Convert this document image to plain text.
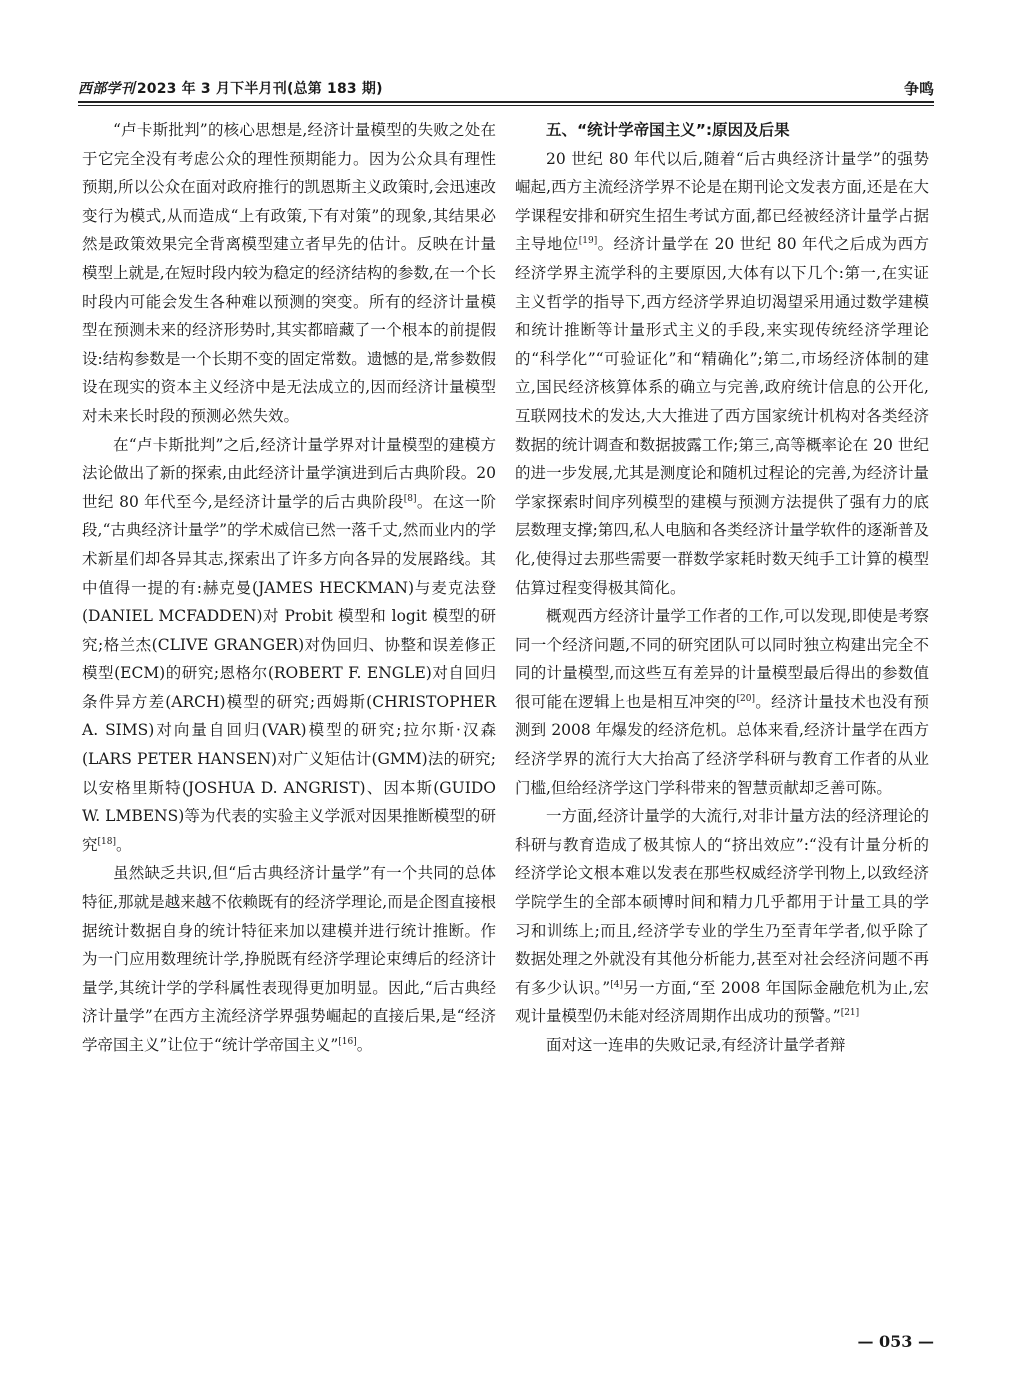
西部学刊 2023 年 3 月下半月刊(总第 183 期)	争鸣

“卢卡斯批判”的核心思想是,经济计量模型的失败之处在于它完全没有考虑公众的理性预期能力。因为公众具有理性预期,所以公众在面对政府推行的凯恩斯主义政策时,会迅速改变行为模式,从而造成“上有政策,下有对策”的现象,其结果必然是政策效果完全背离模型建立者早先的估计。反映在计量模型上就是,在短时段内较为稳定的经济结构的参数,在一个长时段内可能会发生各种难以预测的突变。所有的经济计量模型在预测未来的经济形势时,其实都暗藏了一个根本的前提假设:结构参数是一个长期不变的固定常数。遗憾的是,常参数假设在现实的资本主义经济中是无法成立的,因而经济计量模型对未来长时段的预测必然失效。

在“卢卡斯批判”之后,经济计量学界对计量模型的建模方法论做出了新的探索,由此经济计量学演进到后古典阶段。20 世纪 80 年代至今,是经济计量学的后古典阶段[8]。在这一阶段,“古典经济计量学”的学术威信已然一落千丈,然而业内的学术新星们却各异其志,探索出了许多方向各异的发展路线。其中值得一提的有:赫克曼(JAMES HECKMAN)与麦克法登(DANIEL MCFADDEN)对 Probit 模型和 logit 模型的研究;格兰杰(CLIVE GRANGER)对伪回归、协整和误差修正模型(ECM)的研究;恩格尔(ROBERT F. ENGLE)对自回归条件异方差(ARCH)模型的研究;西姆斯(CHRISTOPHER A. SIMS)对向量自回归(VAR)模型的研究;拉尔斯·汉森(LARS PETER HANSEN)对广义矩估计(GMM)法的研究;以安格里斯特(JOSHUA D. ANGRIST)、因本斯(GUIDO W. LMBENS)等为代表的实验主义学派对因果推断模型的研究[18]。

虽然缺乏共识,但“后古典经济计量学”有一个共同的总体特征,那就是越来越不依赖既有的经济学理论,而是企图直接根据统计数据自身的统计特征来加以建模并进行统计推断。作为一门应用数理统计学,挣脱既有经济学理论束缚后的经济计量学,其统计学的学科属性表现得更加明显。因此,“后古典经济计量学”在西方主流经济学界强势崛起的直接后果,是“经济学帝国主义”让位于“统计学帝国主义”[16]。

五、“统计学帝国主义”:原因及后果

20 世纪 80 年代以后,随着“后古典经济计量学”的强势崛起,西方主流经济学界不论是在期刊论文发表方面,还是在大学课程安排和研究生招生考试方面,都已经被经济计量学占据主导地位[19]。经济计量学在 20 世纪 80 年代之后成为西方经济学界主流学科的主要原因,大体有以下几个:第一,在实证主义哲学的指导下,西方经济学界迫切渴望采用通过数学建模和统计推断等计量形式主义的手段,来实现传统经济学理论的“科学化”“可验证化”和“精确化”;第二,市场经济体制的建立,国民经济核算体系的确立与完善,政府统计信息的公开化,互联网技术的发达,大大推进了西方国家统计机构对各类经济数据的统计调查和数据披露工作;第三,高等概率论在 20 世纪的进一步发展,尤其是测度论和随机过程论的完善,为经济计量学家探索时间序列模型的建模与预测方法提供了强有力的底层数理支撑;第四,私人电脑和各类经济计量学软件的逐渐普及化,使得过去那些需要一群数学家耗时数天纯手工计算的模型估算过程变得极其简化。

概观西方经济计量学工作者的工作,可以发现,即使是考察同一个经济问题,不同的研究团队可以同时独立构建出完全不同的计量模型,而这些互有差异的计量模型最后得出的参数值很可能在逻辑上也是相互冲突的[20]。经济计量技术也没有预测到 2008 年爆发的经济危机。总体来看,经济计量学在西方经济学界的流行大大抬高了经济学科研与教育工作者的从业门槛,但给经济学这门学科带来的智慧贡献却乏善可陈。

一方面,经济计量学的大流行,对非计量方法的经济理论的科研与教育造成了极其惊人的“挤出效应”:“没有计量分析的经济学论文根本难以发表在那些权威经济学刊物上,以致经济学院学生的全部本硕博时间和精力几乎都用于计量工具的学习和训练上;而且,经济学专业的学生乃至青年学者,似乎除了数据处理之外就没有其他分析能力,甚至对社会经济问题不再有多少认识。”[4]另一方面,“至 2008 年国际金融危机为止,宏观计量模型仍未能对经济周期作出成功的预警。”[21]

面对这一连串的失败记录,有经济计量学者辩

— 053 —
